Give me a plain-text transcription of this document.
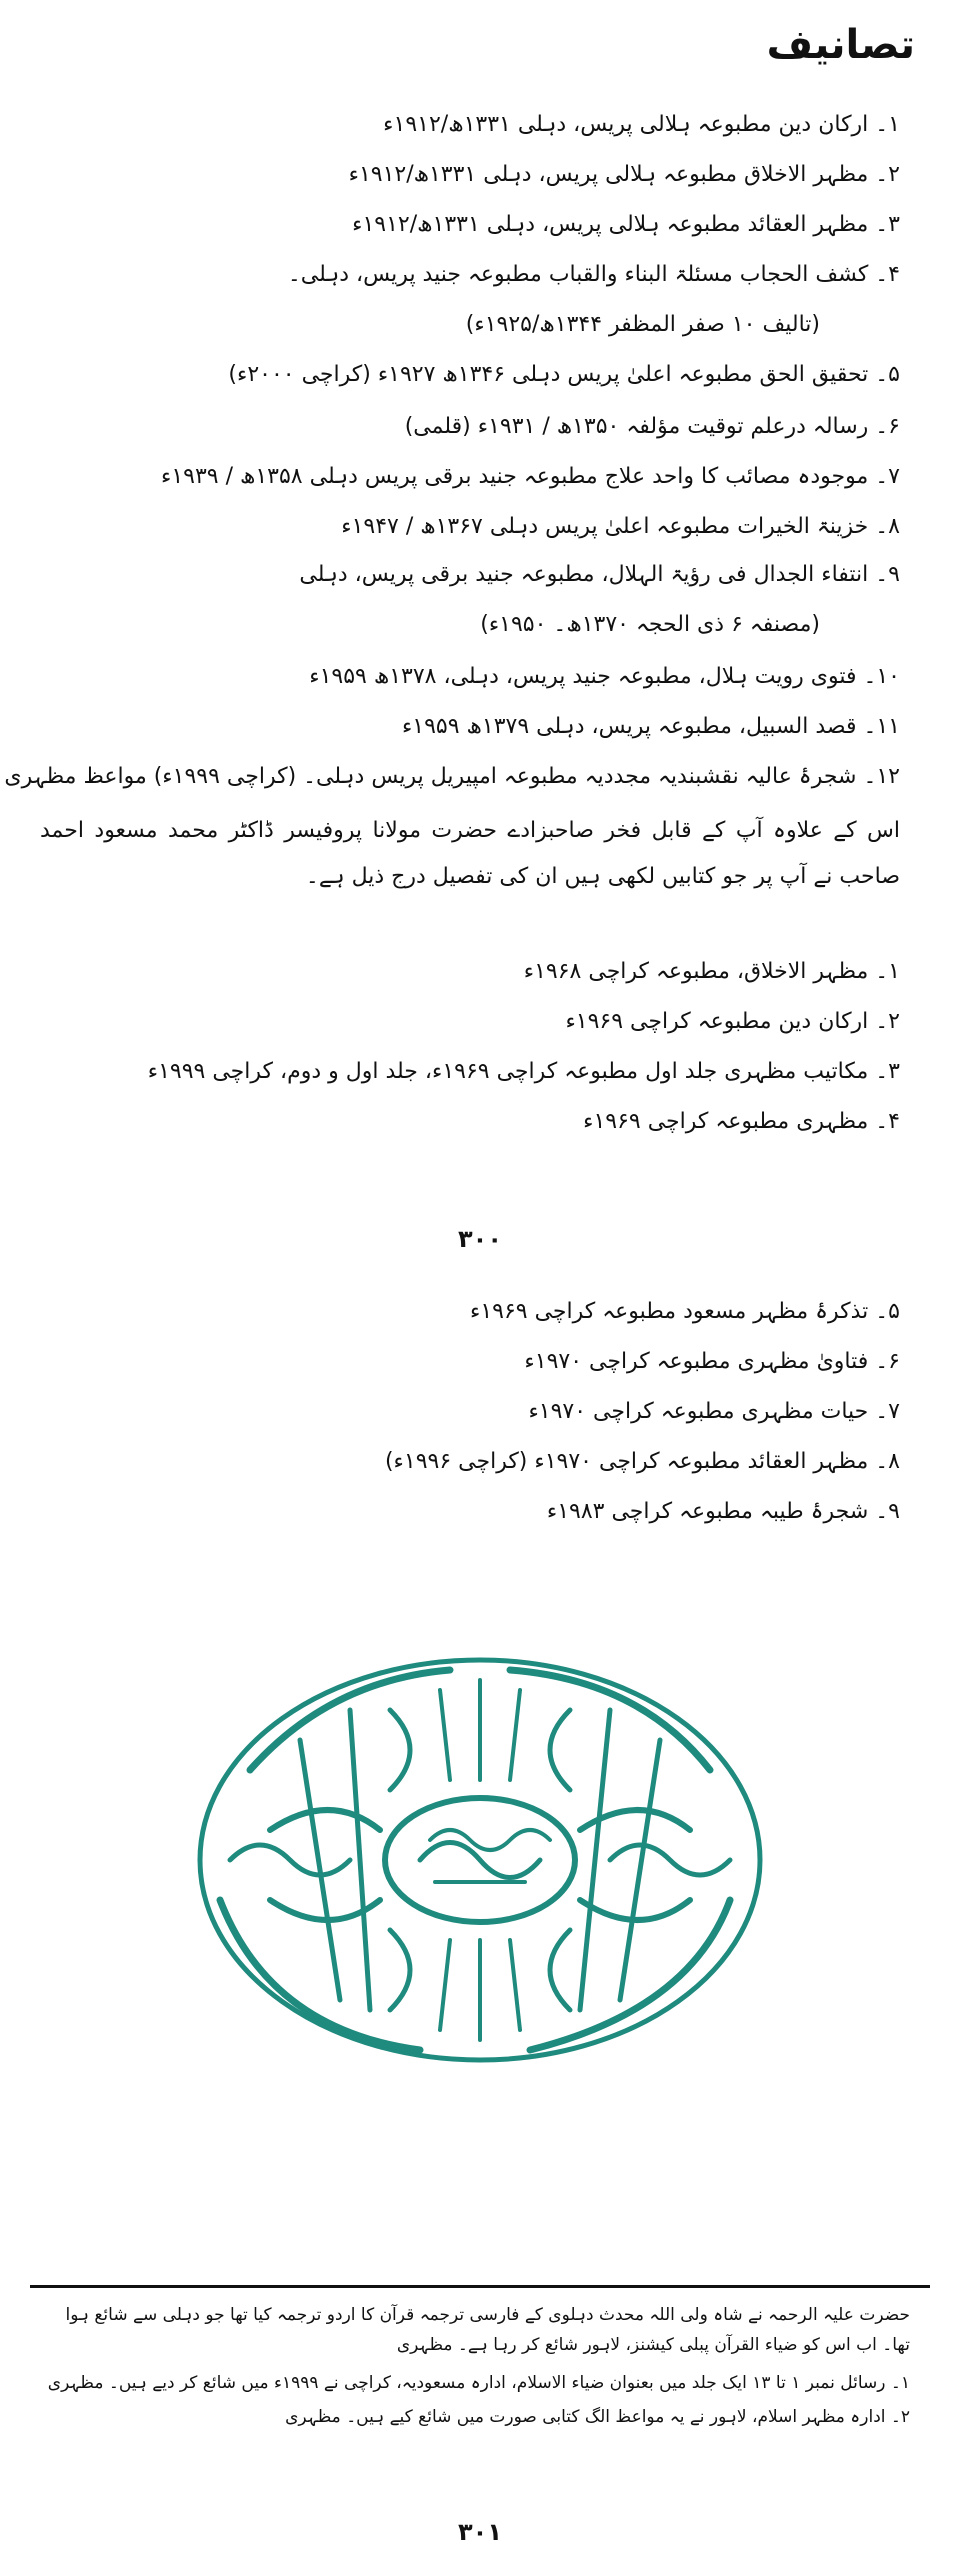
تصانیف
۱۔ ارکان دین مطبوعہ ہلالی پریس، دہلی ۱۳۳۱ھ/۱۹۱۲ء
۲۔ مظہر الاخلاق مطبوعہ ہلالی پریس، دہلی ۱۳۳۱ھ/۱۹۱۲ء
۳۔ مظہر العقائد مطبوعہ ہلالی پریس، دہلی ۱۳۳۱ھ/۱۹۱۲ء
۴۔ کشف الحجاب مسئلۃ البناء والقباب مطبوعہ جنید پریس، دہلی۔
(تالیف ۱۰ صفر المظفر ۱۳۴۴ھ/۱۹۲۵ء)
۵۔ تحقیق الحق مطبوعہ اعلیٰ پریس دہلی ۱۳۴۶ھ ۱۹۲۷ء (کراچی ۲۰۰۰ء)
۶۔ رسالہ درعلم توقیت مؤلفہ ۱۳۵۰ھ / ۱۹۳۱ء (قلمی)
۷۔ موجودہ مصائب کا واحد علاج مطبوعہ جنید برقی پریس دہلی ۱۳۵۸ھ / ۱۹۳۹ء
۸۔ خزینۃ الخیرات مطبوعہ اعلیٰ پریس دہلی ۱۳۶۷ھ / ۱۹۴۷ء
۹۔ انتفاء الجدال فی رؤیۃ الہلال، مطبوعہ جنید برقی پریس، دہلی
(مصنفہ ۶ ذی الحجہ ۱۳۷۰ھ۔ ۱۹۵۰ء)
۱۰۔ فتوی رویت ہلال، مطبوعہ جنید پریس، دہلی، ۱۳۷۸ھ ۱۹۵۹ء
۱۱۔ قصد السبیل، مطبوعہ پریس، دہلی ۱۳۷۹ھ ۱۹۵۹ء
۱۲۔ شجرۂ عالیہ نقشبندیہ مجددیہ مطبوعہ امپیریل پریس دہلی۔ (کراچی ۱۹۹۹ء) مواعظ مظہری
اس کے علاوہ آپ کے قابل فخر صاحبزادے حضرت مولانا پروفیسر ڈاکٹر محمد مسعود احمد صاحب نے آپ پر جو کتابیں لکھی ہیں ان کی تفصیل درج ذیل ہے۔
۱۔ مظہر الاخلاق، مطبوعہ کراچی ۱۹۶۸ء
۲۔ ارکان دین مطبوعہ کراچی ۱۹۶۹ء
۳۔ مکاتیب مظہری جلد اول مطبوعہ کراچی ۱۹۶۹ء، جلد اول و دوم، کراچی ۱۹۹۹ء
۴۔ مظہری مطبوعہ کراچی ۱۹۶۹ء
۳۰۰
۵۔ تذکرۂ مظہر مسعود مطبوعہ کراچی ۱۹۶۹ء
۶۔ فتاویٰ مظہری مطبوعہ کراچی ۱۹۷۰ء
۷۔ حیات مظہری مطبوعہ کراچی ۱۹۷۰ء
۸۔ مظہر العقائد مطبوعہ کراچی ۱۹۷۰ء (کراچی ۱۹۹۶ء)
۹۔ شجرۂ طیبہ مطبوعہ کراچی ۱۹۸۳ء
حضرت علیہ الرحمہ نے شاہ ولی اللہ محدث دہلوی کے فارسی ترجمہ قرآن کا اردو ترجمہ کیا تھا جو دہلی سے شائع ہوا تھا۔ اب اس کو ضیاء القرآن پبلی کیشنز، لاہور شائع کر رہا ہے۔ مظہری
۱۔ رسائل نمبر ۱ تا ۱۳ ایک جلد میں بعنوان ضیاء الاسلام، ادارہ مسعودیہ، کراچی نے ۱۹۹۹ء میں شائع کر دیے ہیں۔ مظہری
۲۔ ادارہ مظہر اسلام، لاہور نے یہ مواعظ الگ کتابی صورت میں شائع کیے ہیں۔ مظہری
۳۰۱
